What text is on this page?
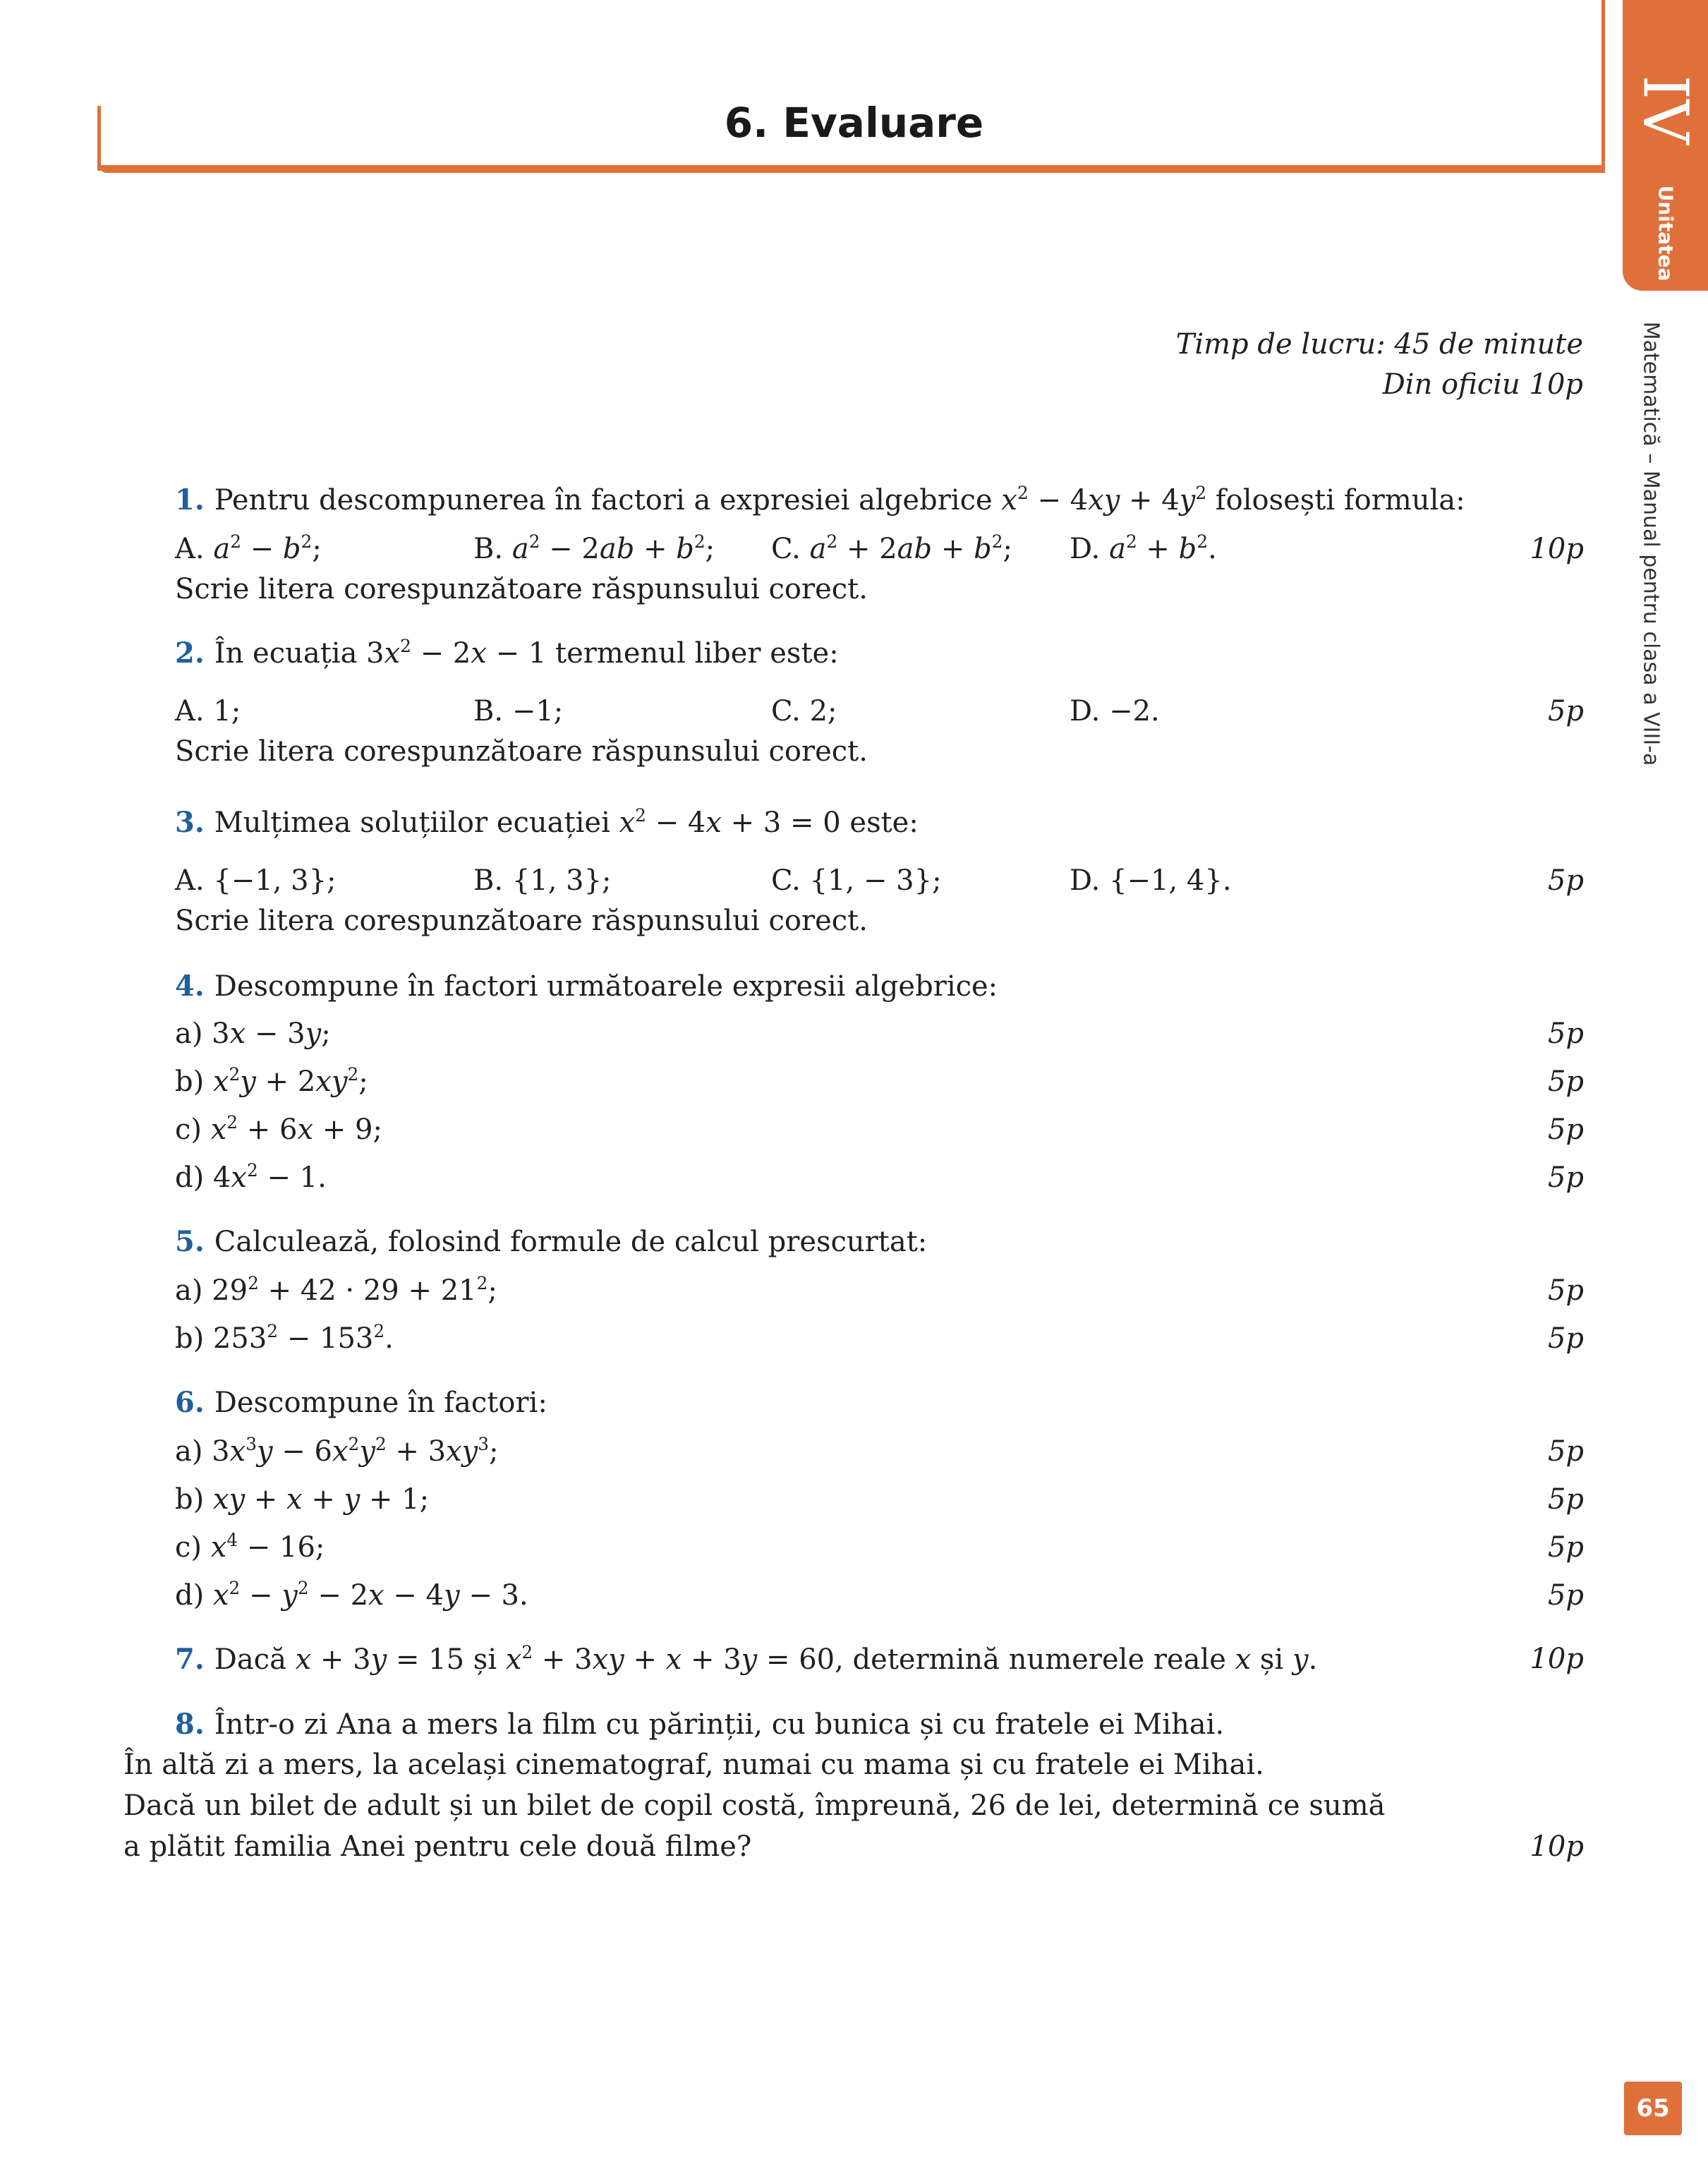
6. Evaluare	IV
Unitatea
Matematică – Manual pentru clasa a VIII-a
65
Timp de lucru: 45 de minute
Din oficiu 10p
1. Pentru descompunerea în factori a expresiei algebrice $x^2 - 4xy + 4y^2$ folosești formula:
A. $a^2 - b^2$;	B. $a^2 - 2ab + b^2$; C. $a^2 + 2ab + b^2$; D. $a^2 + b^2$.	10p
Scrie litera corespunzătoare răspunsului corect.
2. În ecuația $3x^2 - 2x - 1$ termenul liber este:
A. 1;	B. −1;	C. 2;	D. −2.	5p
Scrie litera corespunzătoare răspunsului corect.
3. Mulțimea soluțiilor ecuației $x^2 - 4x + 3 = 0$ este:
A. {−1, 3};	B. {1, 3};	C. {1, − 3};	D. {−1, 4}.	5p
Scrie litera corespunzătoare răspunsului corect.
4. Descompune în factori următoarele expresii algebrice:
a) 3x − 3y;	5p
b) $x^2y + 2xy^2$;	5p
c) $x^2 + 6x + 9$;	5p
d) $4x^2 - 1$.	5p
5. Calculează, folosind formule de calcul prescurtat:
a) $29^2 + 42 \cdot 29 + 21^2$;	5p
b) $253^2 - 153^2$.	5p
6. Descompune în factori:
a) $3x^3y - 6x^2y^2 + 3xy^3$;	5p
b) xy + x + y + 1;	5p
c) $x^4 - 16$;	5p
d) $x^2 - y^2 - 2x - 4y - 3$.	5p
7. Dacă x + 3y = 15 și $x^2 + 3xy + x + 3y = 60$, determină numerele reale x și y.	10p
8. Într-o zi Ana a mers la film cu părinții, cu bunica și cu fratele ei Mihai.
În altă zi a mers, la același cinematograf, numai cu mama și cu fratele ei Mihai.
Dacă un bilet de adult și un bilet de copil costă, împreună, 26 de lei, determină ce sumă
a plătit familia Anei pentru cele două filme?	10p
